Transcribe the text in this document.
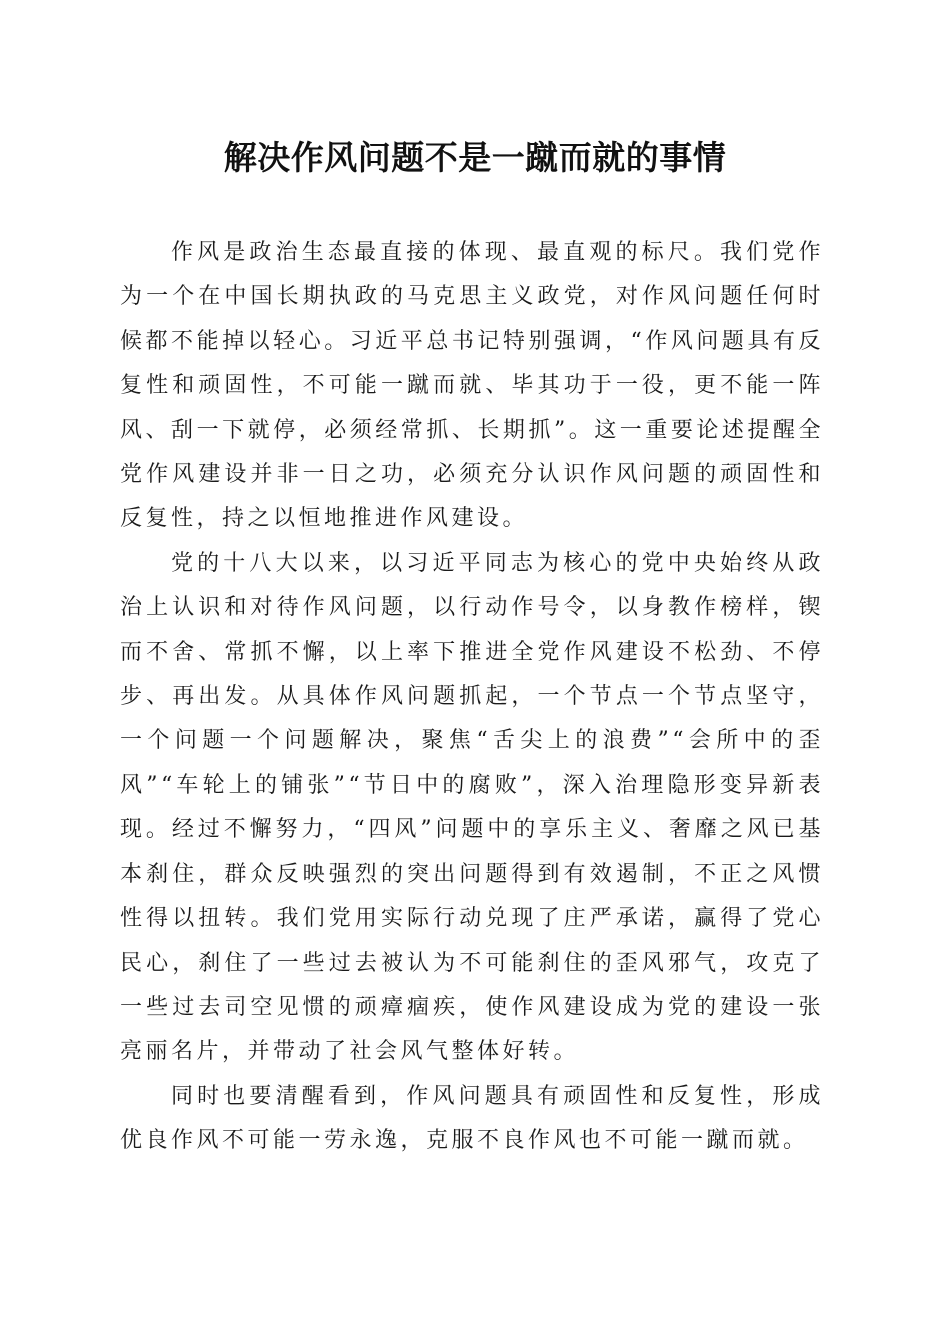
解决作风问题不是一蹴而就的事情

作风是政治生态最直接的体现、最直观的标尺。我们党作为一个在中国长期执政的马克思主义政党，对作风问题任何时候都不能掉以轻心。习近平总书记特别强调，“作风问题具有反复性和顽固性，不可能一蹴而就、毕其功于一役，更不能一阵风、刮一下就停，必须经常抓、长期抓”。这一重要论述提醒全党作风建设并非一日之功，必须充分认识作风问题的顽固性和反复性，持之以恒地推进作风建设。

党的十八大以来，以习近平同志为核心的党中央始终从政治上认识和对待作风问题，以行动作号令，以身教作榜样，锲而不舍、常抓不懈，以上率下推进全党作风建设不松劲、不停步、再出发。从具体作风问题抓起，一个节点一个节点坚守，一个问题一个问题解决，聚焦“舌尖上的浪费”“会所中的歪风”“车轮上的铺张”“节日中的腐败”，深入治理隐形变异新表现。经过不懈努力，“四风”问题中的享乐主义、奢靡之风已基本刹住，群众反映强烈的突出问题得到有效遏制，不正之风惯性得以扭转。我们党用实际行动兑现了庄严承诺，赢得了党心民心，刹住了一些过去被认为不可能刹住的歪风邪气，攻克了一些过去司空见惯的顽瘴痼疾，使作风建设成为党的建设一张亮丽名片，并带动了社会风气整体好转。

同时也要清醒看到，作风问题具有顽固性和反复性，形成优良作风不可能一劳永逸，克服不良作风也不可能一蹴而就。
